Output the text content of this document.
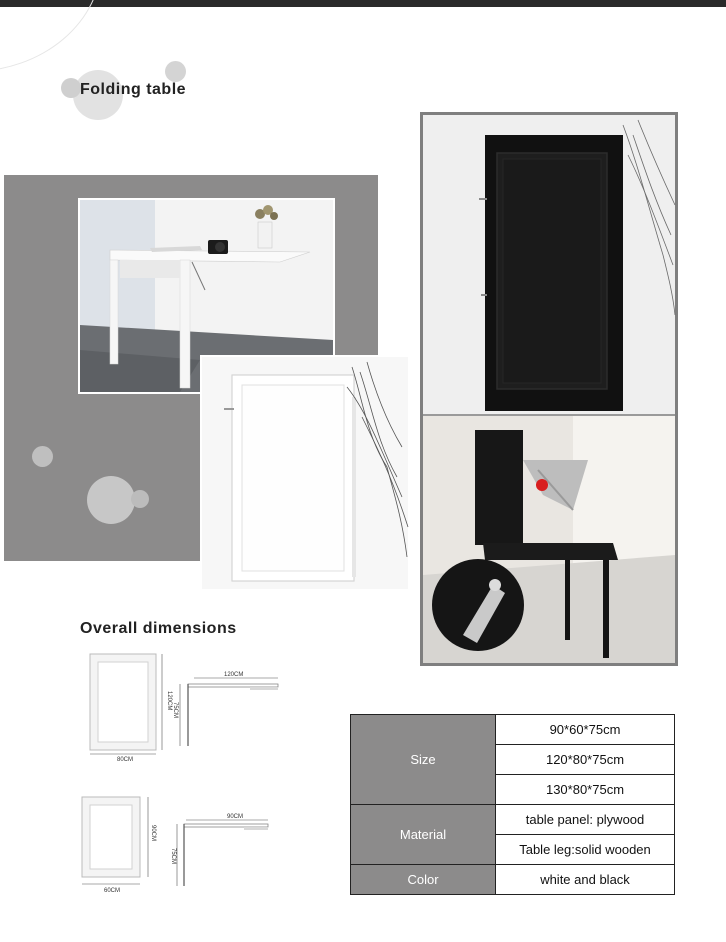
Folding table
Overall dimensions
80CM
120CM
120CM
75CM
60CM
90CM
90CM
75CM
Size	90*60*75cm
	120*80*75cm
	130*80*75cm
Material	table panel: plywood
	Table leg:solid wooden
Color	white and black
